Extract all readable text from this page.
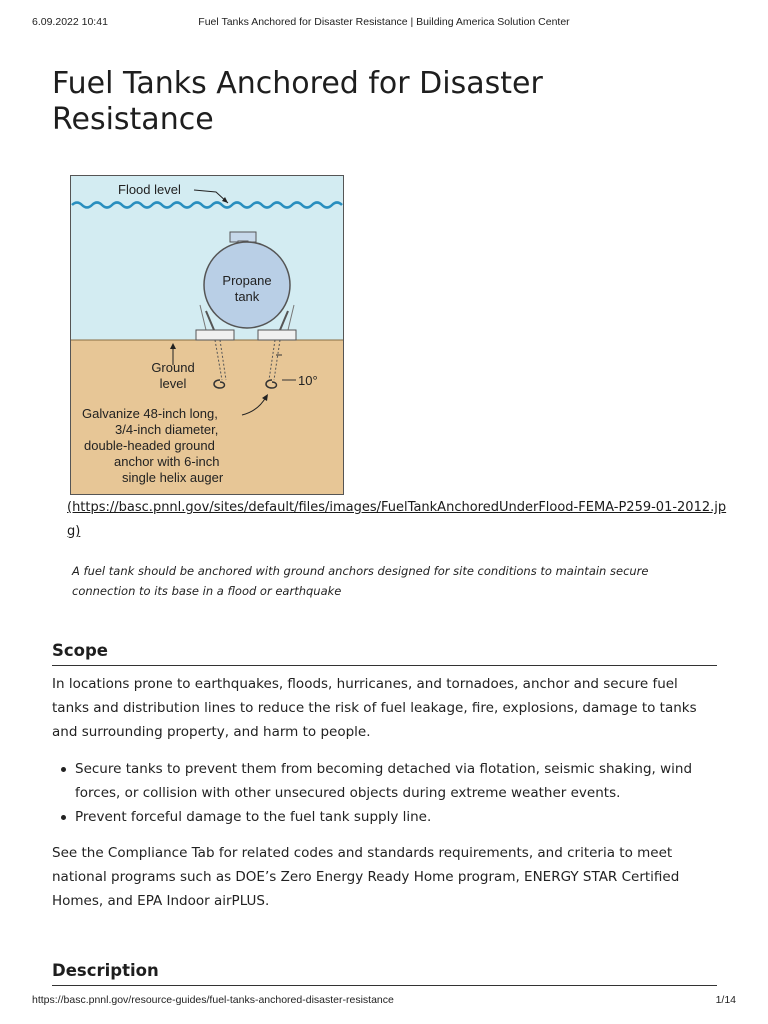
6.09.2022 10:41	Fuel Tanks Anchored for Disaster Resistance | Building America Solution Center
Fuel Tanks Anchored for Disaster Resistance
Flood level
Propane
tank
10°
Ground
level
Galvanize 48-inch long,
3/4-inch diameter,
double-headed ground
anchor with 6-inch
single helix auger
(https://basc.pnnl.gov/sites/default/files/images/FuelTankAnchoredUnderFlood-FEMA-P259-01-2012.jpg)
A fuel tank should be anchored with ground anchors designed for site conditions to maintain secure connection to its base in a flood or earthquake
Scope

In locations prone to earthquakes, floods, hurricanes, and tornadoes, anchor and secure fuel tanks and distribution lines to reduce the risk of fuel leakage, fire, explosions, damage to tanks and surrounding property, and harm to people.

Secure tanks to prevent them from becoming detached via flotation, seismic shaking, wind forces, or collision with other unsecured objects during extreme weather events.
Prevent forceful damage to the fuel tank supply line.

See the Compliance Tab for related codes and standards requirements, and criteria to meet national programs such as DOE’s Zero Energy Ready Home program, ENERGY STAR Certified Homes, and EPA Indoor airPLUS.

Description
https://basc.pnnl.gov/resource-guides/fuel-tanks-anchored-disaster-resistance	1/14
